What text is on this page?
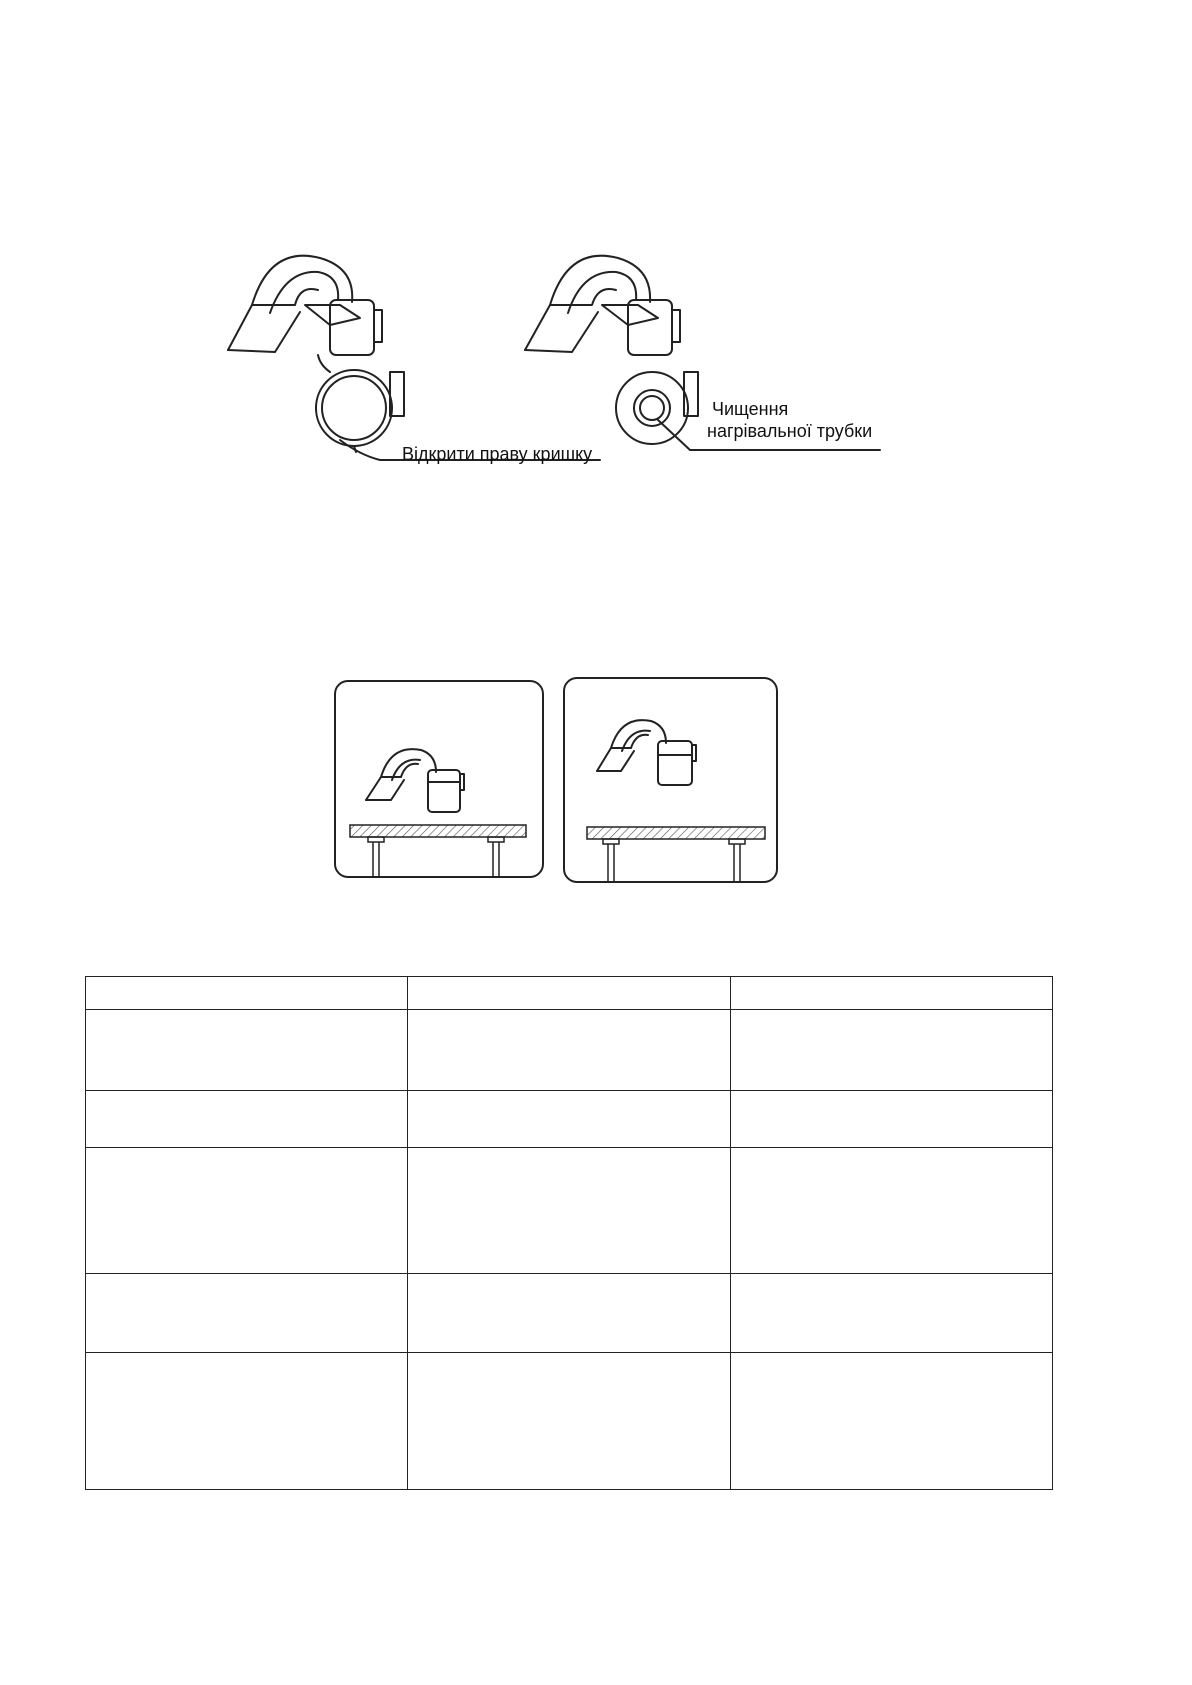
Відкрити праву кришку
Чищення
нагрівальної трубки
